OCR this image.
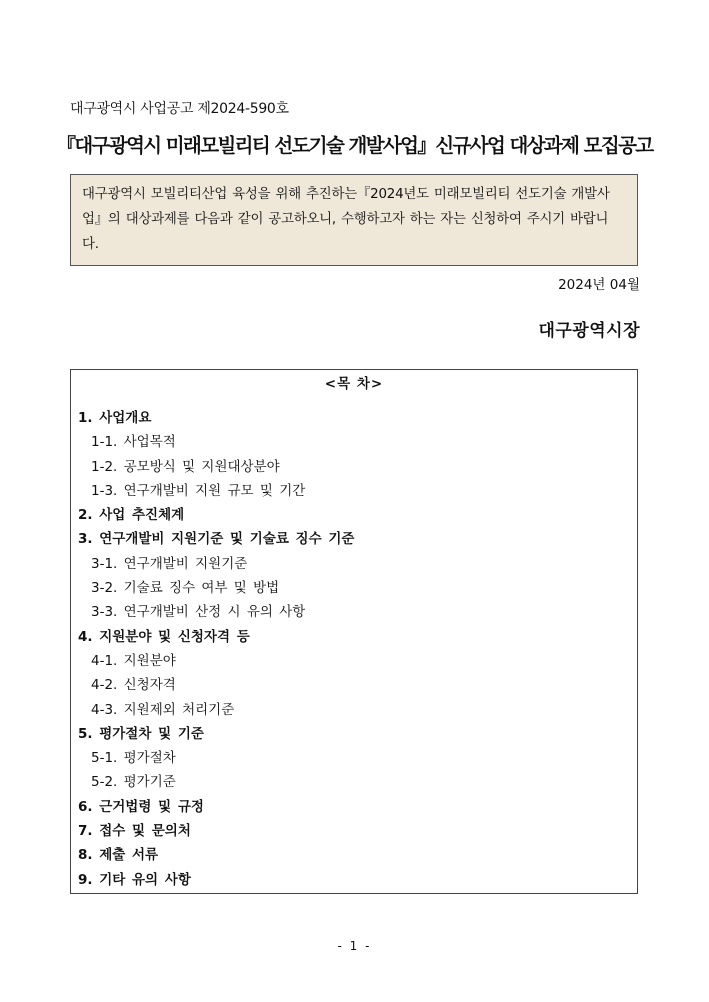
대구광역시 사업공고 제2024-590호
『대구광역시 미래모빌리티 선도기술 개발사업』신규사업 대상과제 모집공고
대구광역시 모빌리티산업 육성을 위해 추진하는『2024년도 미래모빌리티 선도기술 개발사업』의 대상과제를 다음과 같이 공고하오니, 수행하고자 하는 자는 신청하여 주시기 바랍니다.
2024년 04월
대구광역시장
<목 차>
1. 사업개요
1-1. 사업목적
1-2. 공모방식 및 지원대상분야
1-3. 연구개발비 지원 규모 및 기간
2. 사업 추진체계
3. 연구개발비 지원기준 및 기술료 징수 기준
3-1. 연구개발비 지원기준
3-2. 기술료 징수 여부 및 방법
3-3. 연구개발비 산정 시 유의 사항
4. 지원분야 및 신청자격 등
4-1. 지원분야
4-2. 신청자격
4-3. 지원제외 처리기준
5. 평가절차 및 기준
5-1. 평가절차
5-2. 평가기준
6. 근거법령 및 규정
7. 접수 및 문의처
8. 제출 서류
9. 기타 유의 사항
- 1 -
